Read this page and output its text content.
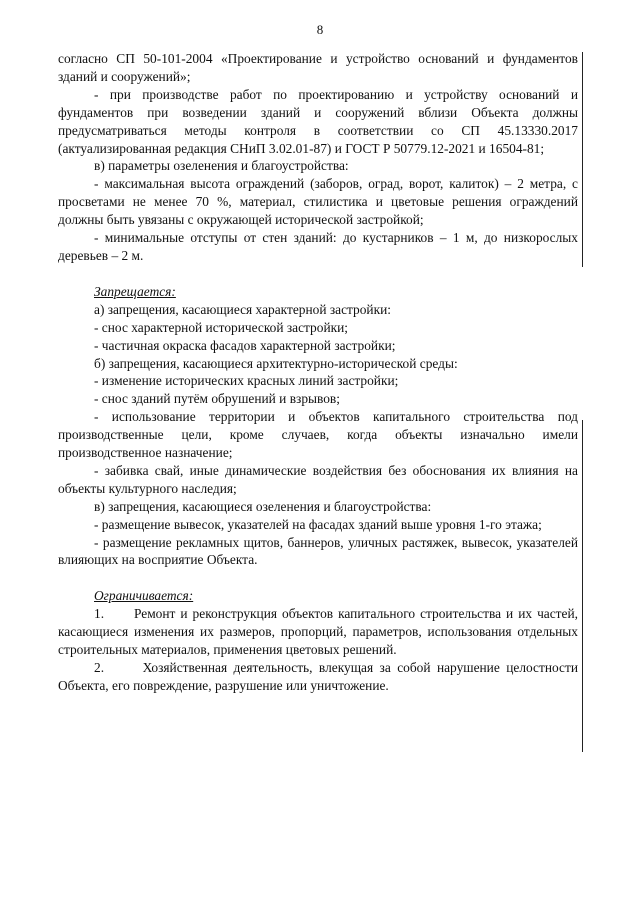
8

согласно СП 50-101-2004 «Проектирование и устройство оснований и фундаментов зданий и сооружений»;

- при производстве работ по проектированию и устройству оснований и фундаментов при возведении зданий и сооружений вблизи Объекта должны предусматриваться методы контроля в соответствии со СП 45.13330.2017 (актуализированная редакция СНиП 3.02.01-87) и ГОСТ Р 50779.12-2021 и 16504-81;

в) параметры озеленения и благоустройства:

- максимальная высота ограждений (заборов, оград, ворот, калиток) – 2 метра, с просветами не менее 70 %, материал, стилистика и цветовые решения ограждений должны быть увязаны с окружающей исторической застройкой;

- минимальные отступы от стен зданий: до кустарников – 1 м, до низкорослых деревьев – 2 м.

Запрещается:

а) запрещения, касающиеся характерной застройки:

- снос характерной исторической застройки;

- частичная окраска фасадов характерной застройки;

б) запрещения, касающиеся архитектурно-исторической среды:

- изменение исторических красных линий застройки;

- снос зданий путём обрушений и взрывов;

- использование территории и объектов капитального строительства под производственные цели, кроме случаев, когда объекты изначально имели производственное назначение;

- забивка свай, иные динамические воздействия без обоснования их влияния на объекты культурного наследия;

в) запрещения, касающиеся озеленения и благоустройства:

- размещение вывесок, указателей на фасадах зданий выше уровня 1-го этажа;

- размещение рекламных щитов, баннеров, уличных растяжек, вывесок, указателей влияющих на восприятие Объекта.

Ограничивается:

1.      Ремонт и реконструкция объектов капитального строительства и их частей, касающиеся изменения их размеров, пропорций, параметров, использования отдельных строительных материалов, применения цветовых решений.

2.      Хозяйственная деятельность, влекущая за собой нарушение целостности Объекта, его повреждение, разрушение или уничтожение.
